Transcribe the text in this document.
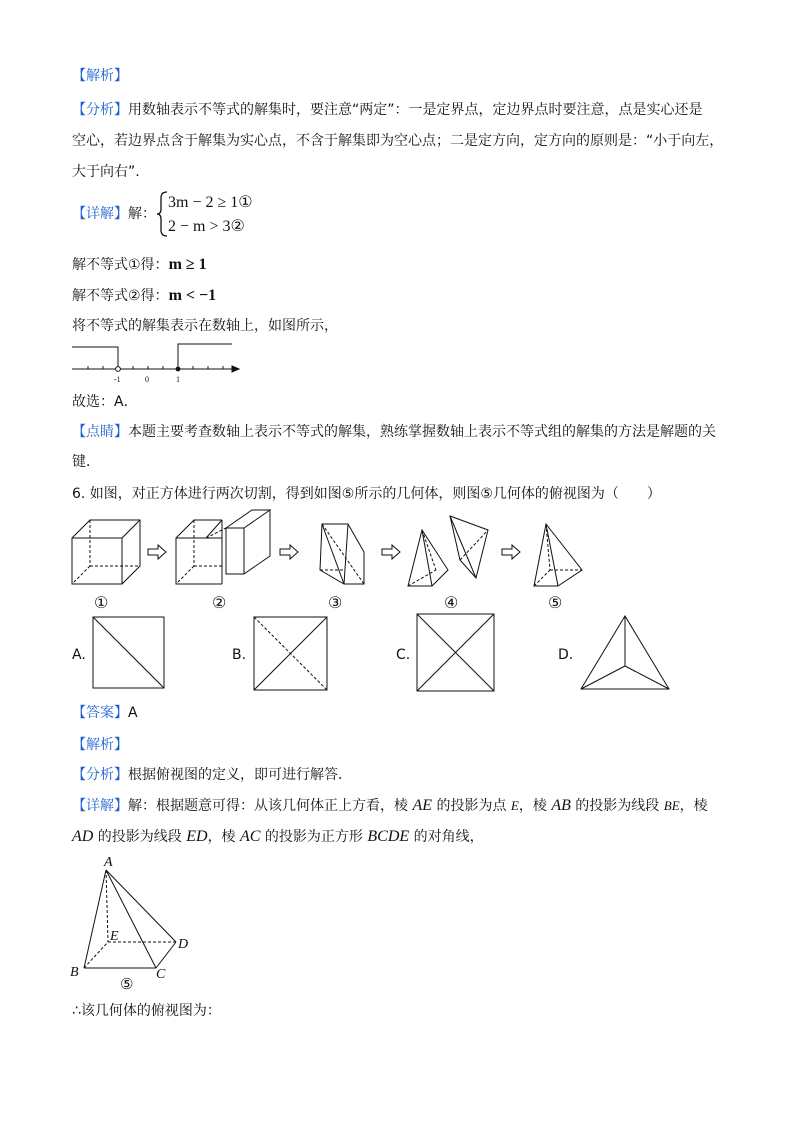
【解析】
【分析】用数轴表示不等式的解集时，要注意“两定”：一是定界点，定边界点时要注意，点是实心还是
空心，若边界点含于解集为实心点，不含于解集即为空心点；二是定方向，定方向的原则是：“小于向左，
大于向右”.
【详解】解：
3m − 2 ≥ 1①
2 − m > 3②
解不等式①得：m ≥ 1
解不等式②得：m < −1
将不等式的解集表示在数轴上，如图所示，
-1	0	1
故选：A．
【点睛】本题主要考查数轴上表示不等式的解集，熟练掌握数轴上表示不等式组的解集的方法是解题的关
键．
6. 如图，对正方体进行两次切割，得到如图⑤所示的几何体，则图⑤几何体的俯视图为（　　）
①	②	③	④	⑤
A.	B.	C.	D.
【答案】A
【解析】
【分析】根据俯视图的定义，即可进行解答．
【详解】解：根据题意可得：从该几何体正上方看，棱 AE 的投影为点 E，棱 AB 的投影为线段 BE，棱
AD 的投影为线段 ED，棱 AC 的投影为正方形 BCDE 的对角线，
A
B	C
D
E
⑤
∴该几何体的俯视图为：
